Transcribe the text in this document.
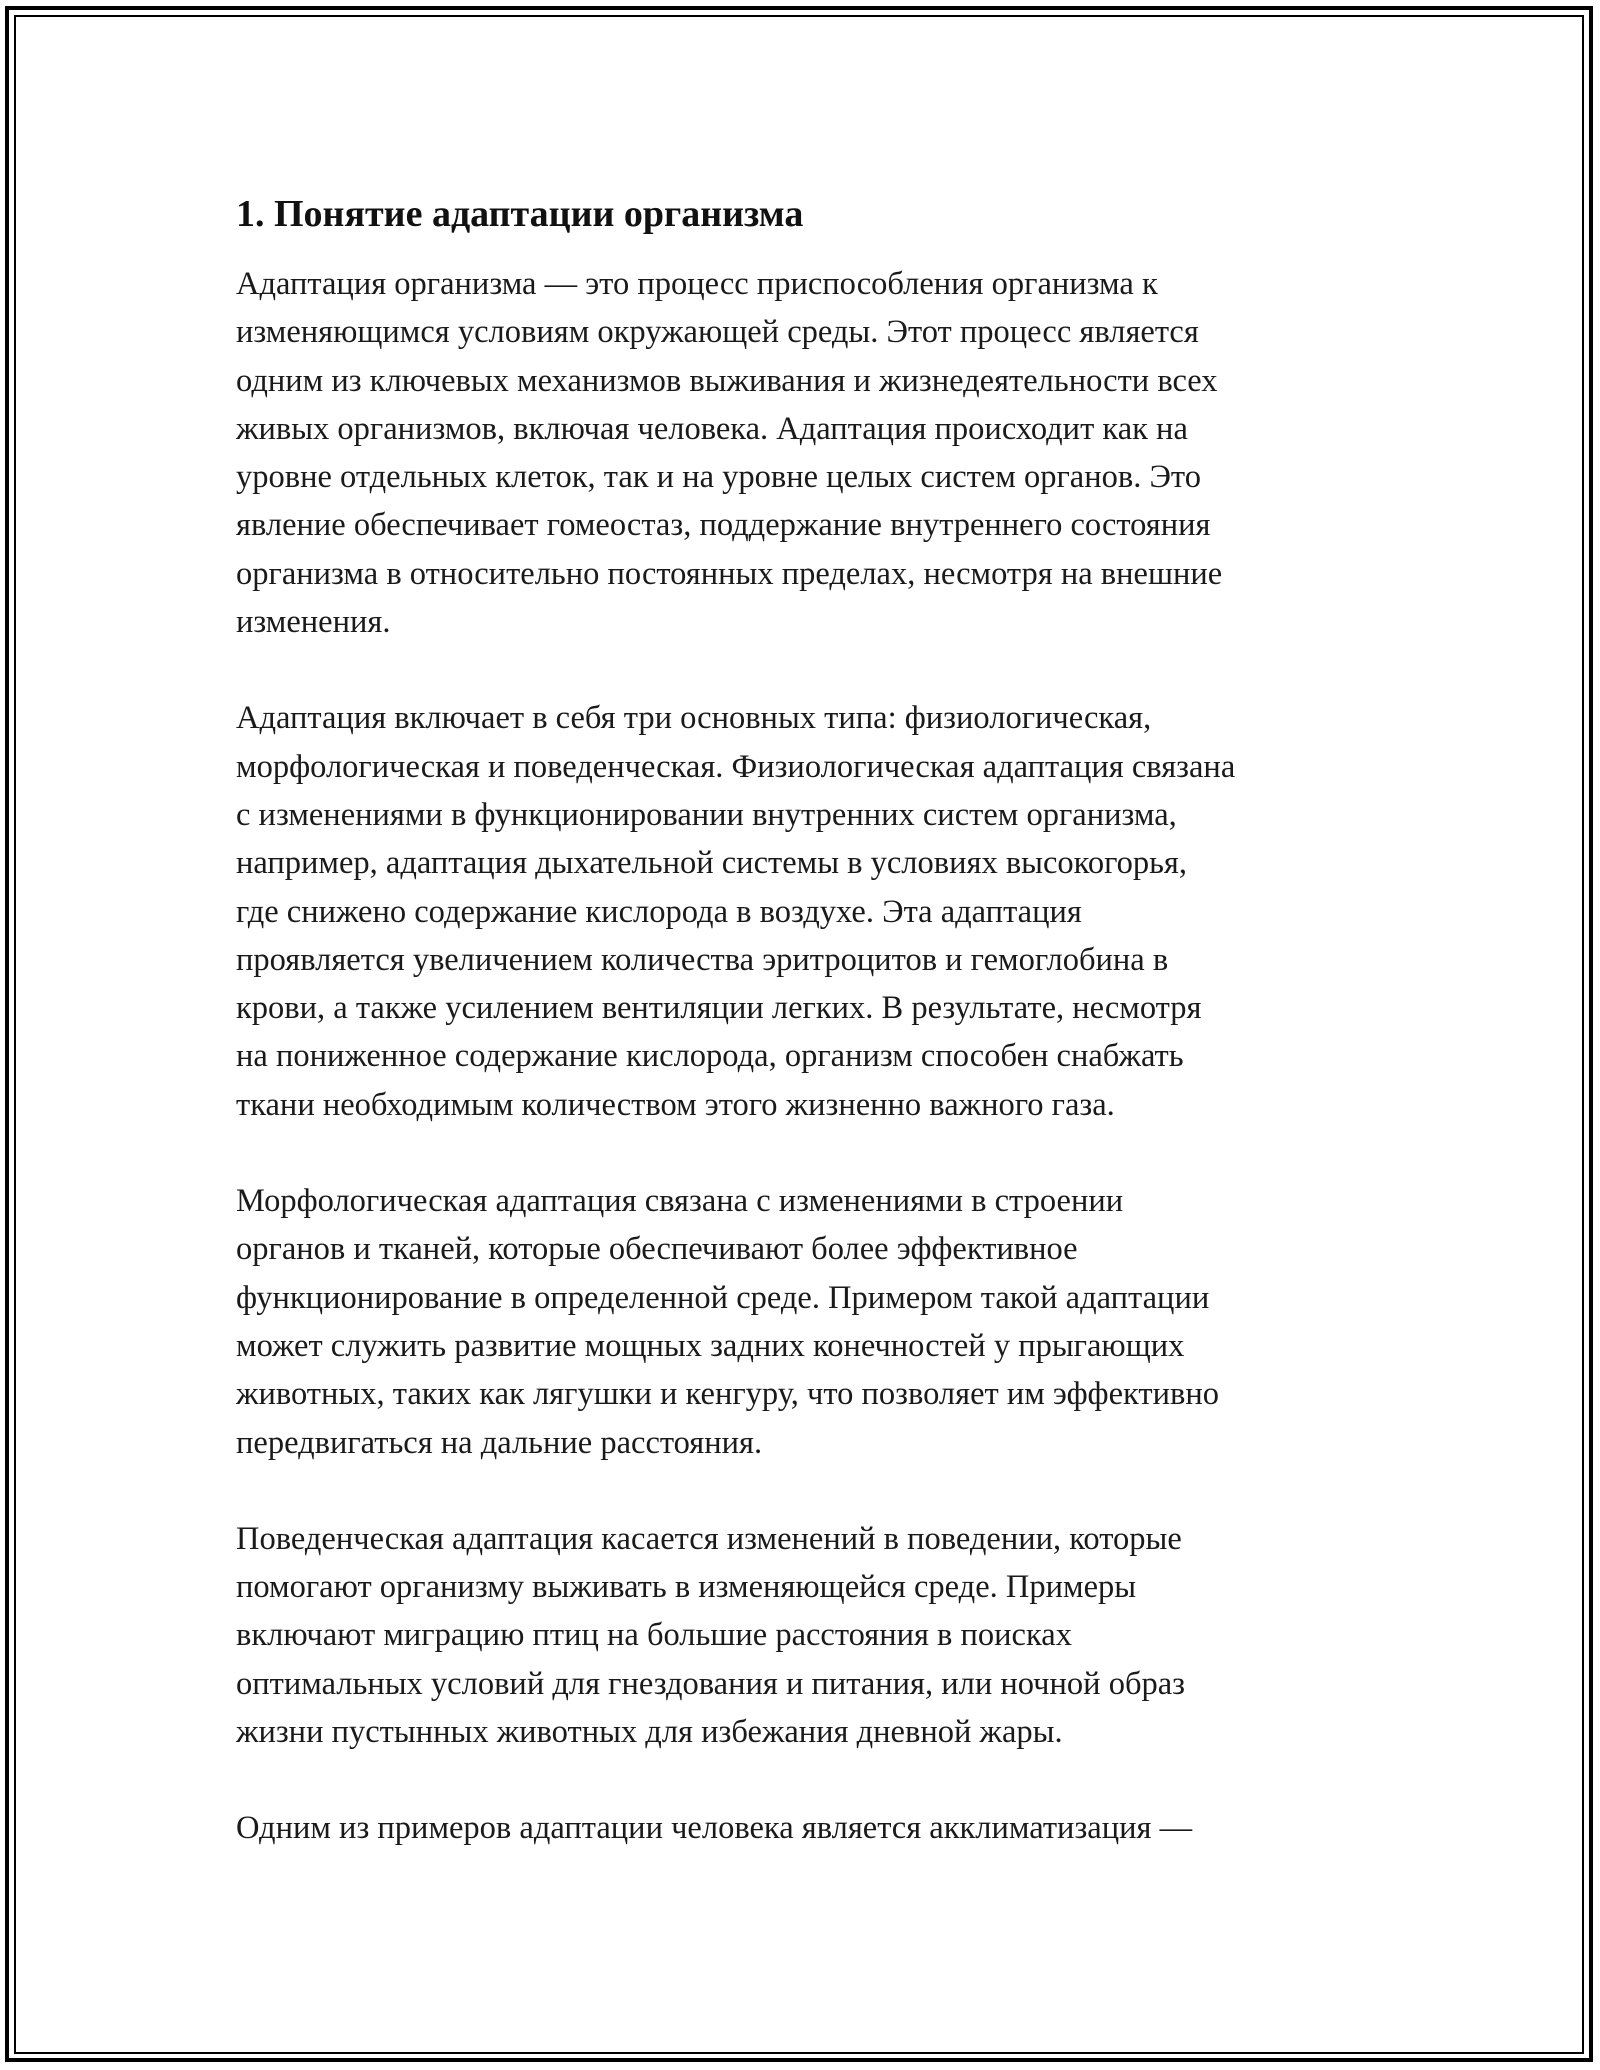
1. Понятие адаптации организма

Адаптация организма — это процесс приспособления организма к
изменяющимся условиям окружающей среды. Этот процесс является
одним из ключевых механизмов выживания и жизнедеятельности всех
живых организмов, включая человека. Адаптация происходит как на
уровне отдельных клеток, так и на уровне целых систем органов. Это
явление обеспечивает гомеостаз, поддержание внутреннего состояния
организма в относительно постоянных пределах, несмотря на внешние
изменения.

Адаптация включает в себя три основных типа: физиологическая,
морфологическая и поведенческая. Физиологическая адаптация связана
с изменениями в функционировании внутренних систем организма,
например, адаптация дыхательной системы в условиях высокогорья,
где снижено содержание кислорода в воздухе. Эта адаптация
проявляется увеличением количества эритроцитов и гемоглобина в
крови, а также усилением вентиляции легких. В результате, несмотря
на пониженное содержание кислорода, организм способен снабжать
ткани необходимым количеством этого жизненно важного газа.

Морфологическая адаптация связана с изменениями в строении
органов и тканей, которые обеспечивают более эффективное
функционирование в определенной среде. Примером такой адаптации
может служить развитие мощных задних конечностей у прыгающих
животных, таких как лягушки и кенгуру, что позволяет им эффективно
передвигаться на дальние расстояния.

Поведенческая адаптация касается изменений в поведении, которые
помогают организму выживать в изменяющейся среде. Примеры
включают миграцию птиц на большие расстояния в поисках
оптимальных условий для гнездования и питания, или ночной образ
жизни пустынных животных для избежания дневной жары.

Одним из примеров адаптации человека является акклиматизация —
